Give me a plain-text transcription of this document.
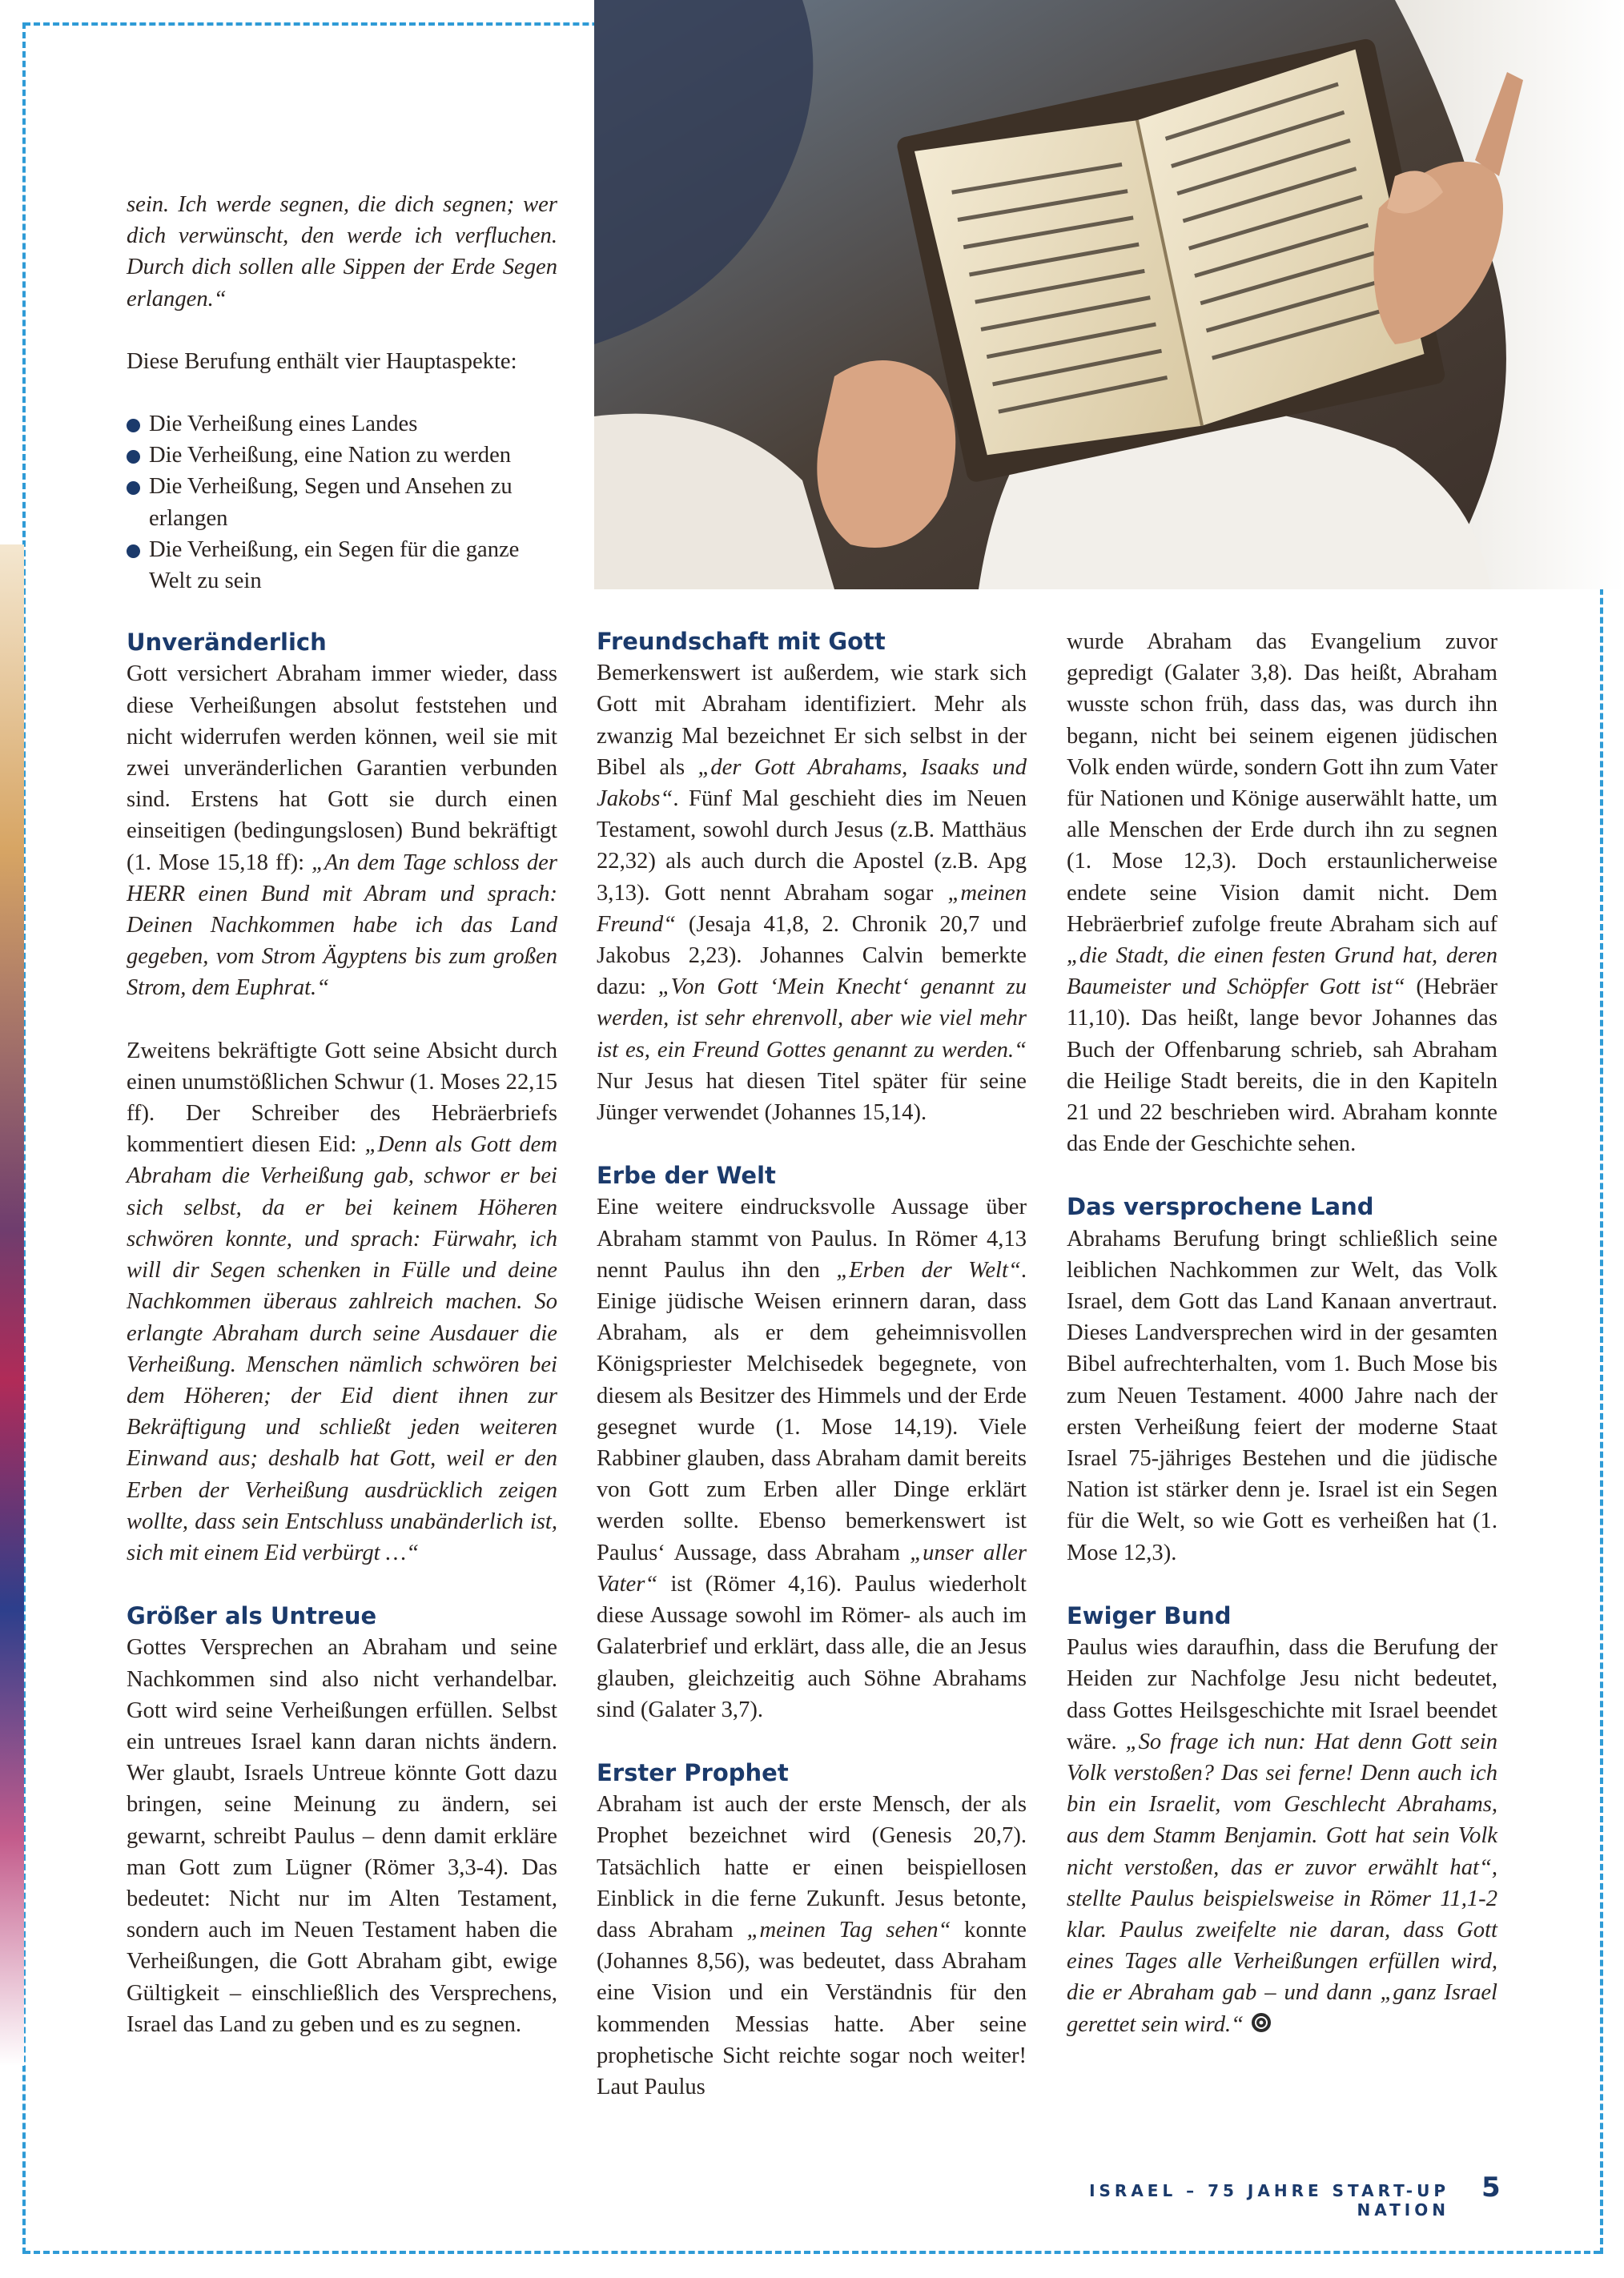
sein. Ich werde segnen, die dich segnen; wer dich verwünscht, den werde ich verfluchen. Durch dich sollen alle Sippen der Erde Segen erlangen.“

Diese Berufung enthält vier Hauptaspekte:

Die Verheißung eines Landes
Die Verheißung, eine Nation zu werden
Die Verheißung, Segen und Ansehen zu erlangen
Die Verheißung, ein Segen für die ganze Welt zu sein
Unveränderlich

Gott versichert Abraham immer wieder, dass diese Verheißungen absolut feststehen und nicht widerrufen werden können, weil sie mit zwei unveränderlichen Garantien verbunden sind. Erstens hat Gott sie durch einen einseitigen (bedingungslosen) Bund bekräftigt (1. Mose 15,18 ff): „An dem Tage schloss der HERR einen Bund mit Abram und sprach: Deinen Nachkommen habe ich das Land gegeben, vom Strom Ägyptens bis zum großen Strom, dem Euphrat.“

Zweitens bekräftigte Gott seine Absicht durch einen unumstößlichen Schwur (1. Moses 22,15 ff). Der Schreiber des Hebräerbriefs kommentiert diesen Eid: „Denn als Gott dem Abraham die Verheißung gab, schwor er bei sich selbst, da er bei keinem Höheren schwören konnte, und sprach: Fürwahr, ich will dir Segen schenken in Fülle und deine Nachkommen überaus zahlreich machen. So erlangte Abraham durch seine Ausdauer die Verheißung. Menschen nämlich schwören bei dem Höheren; der Eid dient ihnen zur Bekräftigung und schließt jeden weiteren Einwand aus; deshalb hat Gott, weil er den Erben der Verheißung ausdrücklich zeigen wollte, dass sein Entschluss unabänderlich ist, sich mit einem Eid verbürgt …“

Größer als Untreue

Gottes Versprechen an Abraham und seine Nachkommen sind also nicht verhandelbar. Gott wird seine Verheißungen erfüllen. Selbst ein untreues Israel kann daran nichts ändern. Wer glaubt, Israels Untreue könnte Gott dazu bringen, seine Meinung zu ändern, sei gewarnt, schreibt Paulus – denn damit erkläre man Gott zum Lügner (Römer 3,3-4). Das bedeutet: Nicht nur im Alten Testament, sondern auch im Neuen Testament haben die Verheißungen, die Gott Abraham gibt, ewige Gültigkeit – einschließlich des Versprechens, Israel das Land zu geben und es zu segnen.

Freundschaft mit Gott

Bemerkenswert ist außerdem, wie stark sich Gott mit Abraham identifiziert. Mehr als zwanzig Mal bezeichnet Er sich selbst in der Bibel als „der Gott Abrahams, Isaaks und Jakobs“. Fünf Mal geschieht dies im Neuen Testament, sowohl durch Jesus (z.B. Matthäus 22,32) als auch durch die Apostel (z.B. Apg 3,13). Gott nennt Abraham sogar „meinen Freund“ (Jesaja 41,8, 2. Chronik 20,7 und Jakobus 2,23). Johannes Calvin bemerkte dazu: „Von Gott ‘Mein Knecht‘ genannt zu werden, ist sehr ehrenvoll, aber wie viel mehr ist es, ein Freund Gottes genannt zu werden.“ Nur Jesus hat diesen Titel später für seine Jünger verwendet (Johannes 15,14).

Erbe der Welt

Eine weitere eindrucksvolle Aussage über Abraham stammt von Paulus. In Römer 4,13 nennt Paulus ihn den „Erben der Welt“. Einige jüdische Weisen erinnern daran, dass Abraham, als er dem geheimnisvollen Königspriester Melchisedek begegnete, von diesem als Besitzer des Himmels und der Erde gesegnet wurde (1. Mose 14,19). Viele Rabbiner glauben, dass Abraham damit bereits von Gott zum Erben aller Dinge erklärt werden sollte. Ebenso bemerkenswert ist Paulus‘ Aussage, dass Abraham „unser aller Vater“ ist (Römer 4,16). Paulus wiederholt diese Aussage sowohl im Römer- als auch im Galaterbrief und erklärt, dass alle, die an Jesus glauben, gleichzeitig auch Söhne Abrahams sind (Galater 3,7).

Erster Prophet

Abraham ist auch der erste Mensch, der als Prophet bezeichnet wird (Genesis 20,7). Tatsächlich hatte er einen beispiellosen Einblick in die ferne Zukunft. Jesus betonte, dass Abraham „meinen Tag sehen“ konnte (Johannes 8,56), was bedeutet, dass Abraham eine Vision und ein Verständnis für den kommenden Messias hatte. Aber seine prophetische Sicht reichte sogar noch weiter! Laut Paulus

wurde Abraham das Evangelium zuvor gepredigt (Galater 3,8). Das heißt, Abraham wusste schon früh, dass das, was durch ihn begann, nicht bei seinem eigenen jüdischen Volk enden würde, sondern Gott ihn zum Vater für Nationen und Könige auserwählt hatte, um alle Menschen der Erde durch ihn zu segnen (1. Mose 12,3). Doch erstaunlicherweise endete seine Vision damit nicht. Dem Hebräerbrief zufolge freute Abraham sich auf „die Stadt, die einen festen Grund hat, deren Baumeister und Schöpfer Gott ist“ (Hebräer 11,10). Das heißt, lange bevor Johannes das Buch der Offenbarung schrieb, sah Abraham die Heilige Stadt bereits, die in den Kapiteln 21 und 22 beschrieben wird. Abraham konnte das Ende der Geschichte sehen.

Das versprochene Land

Abrahams Berufung bringt schließlich seine leiblichen Nachkommen zur Welt, das Volk Israel, dem Gott das Land Kanaan anvertraut. Dieses Landversprechen wird in der gesamten Bibel aufrechterhalten, vom 1. Buch Mose bis zum Neuen Testament. 4000 Jahre nach der ersten Verheißung feiert der moderne Staat Israel 75-jähriges Bestehen und die jüdische Nation ist stärker denn je. Israel ist ein Segen für die Welt, so wie Gott es verheißen hat (1. Mose 12,3).

Ewiger Bund

Paulus wies daraufhin, dass die Berufung der Heiden zur Nachfolge Jesu nicht bedeutet, dass Gottes Heilsgeschichte mit Israel beendet wäre. „So frage ich nun: Hat denn Gott sein Volk verstoßen? Das sei ferne! Denn auch ich bin ein Israelit, vom Geschlecht Abrahams, aus dem Stamm Benjamin. Gott hat sein Volk nicht verstoßen, das er zuvor erwählt hat“, stellte Paulus beispielsweise in Römer 11,1-2 klar. Paulus zweifelte nie daran, dass Gott eines Tages alle Verheißungen erfüllen wird, die er Abraham gab – und dann „ganz Israel gerettet sein wird.“

ISRAEL – 75 JAHRE START-UP NATION
5
